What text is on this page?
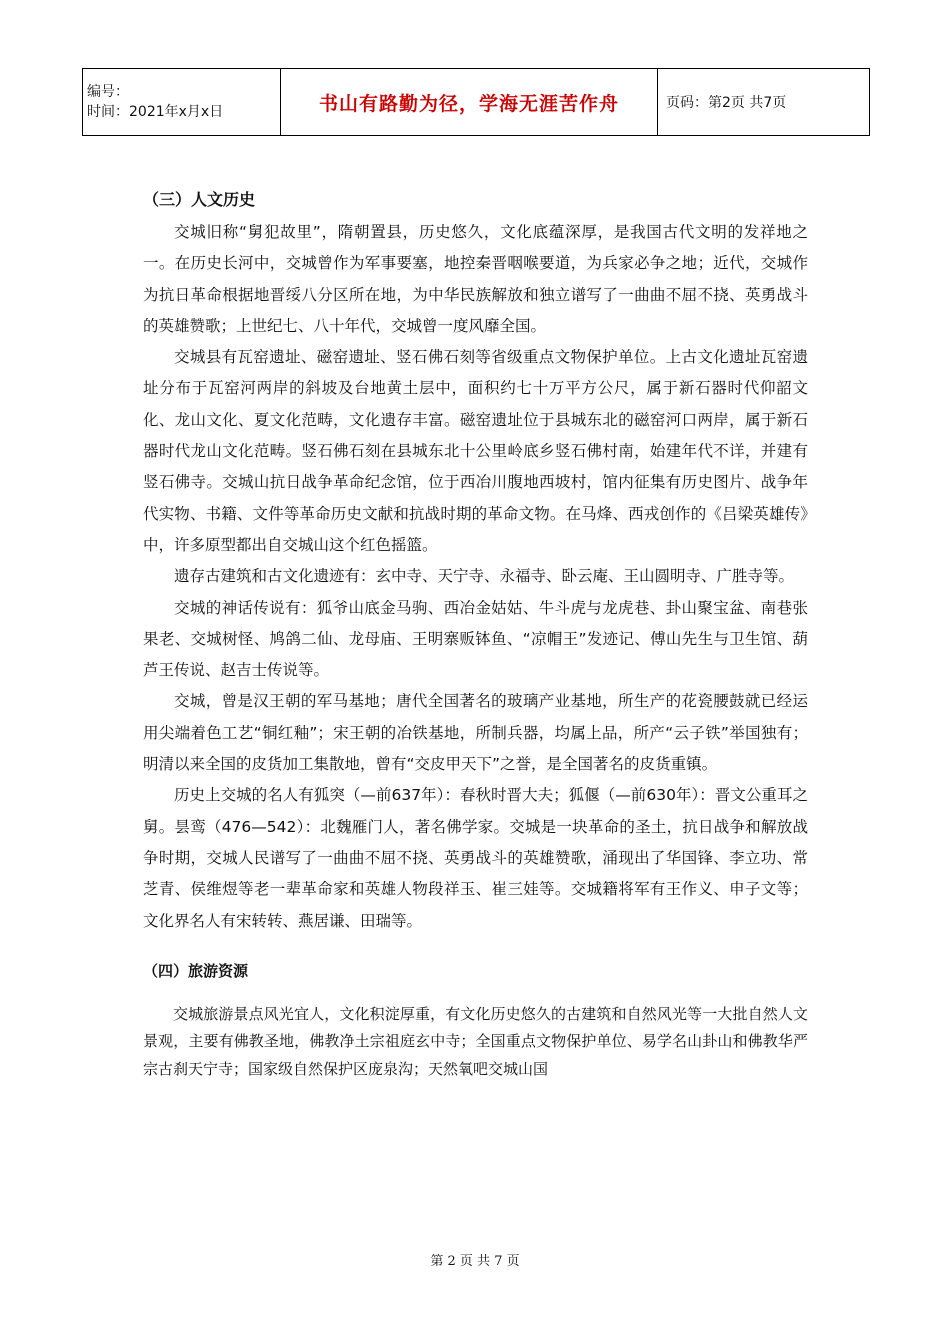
编号：
时间：2021年x月x日	书山有路勤为径，学海无涯苦作舟	页码：第2页 共7页
（三）人文历史

交城旧称“舅犯故里”，隋朝置县，历史悠久，文化底蕴深厚，是我国古代文明的发祥地之一。在历史长河中，交城曾作为军事要塞，地控秦晋咽喉要道，为兵家必争之地；近代，交城作为抗日革命根据地晋绥八分区所在地，为中华民族解放和独立谱写了一曲曲不屈不挠、英勇战斗的英雄赞歌；上世纪七、八十年代，交城曾一度风靡全国。

交城县有瓦窑遗址、磁窑遗址、竖石佛石刻等省级重点文物保护单位。上古文化遗址瓦窑遗址分布于瓦窑河两岸的斜坡及台地黄土层中，面积约七十万平方公尺，属于新石器时代仰韶文化、龙山文化、夏文化范畴，文化遗存丰富。磁窑遗址位于县城东北的磁窑河口两岸，属于新石器时代龙山文化范畴。竖石佛石刻在县城东北十公里岭底乡竖石佛村南，始建年代不详，并建有竖石佛寺。交城山抗日战争革命纪念馆，位于西冶川腹地西坡村，馆内征集有历史图片、战争年代实物、书籍、文件等革命历史文献和抗战时期的革命文物。在马烽、西戎创作的《吕梁英雄传》中，许多原型都出自交城山这个红色摇篮。

遗存古建筑和古文化遗迹有：玄中寺、天宁寺、永福寺、卧云庵、王山圆明寺、广胜寺等。

交城的神话传说有：狐爷山底金马驹、西冶金姑姑、牛斗虎与龙虎巷、卦山聚宝盆、南巷张果老、交城树怪、鸠鸽二仙、龙母庙、王明寨贩钵鱼、“凉帽王”发迹记、傅山先生与卫生馆、葫芦王传说、赵吉士传说等。

交城，曾是汉王朝的军马基地；唐代全国著名的玻璃产业基地，所生产的花瓷腰鼓就已经运用尖端着色工艺“铜红釉”；宋王朝的冶铁基地，所制兵器，均属上品，所产“云子铁”举国独有；明清以来全国的皮货加工集散地，曾有“交皮甲天下”之誉，是全国著名的皮货重镇。

历史上交城的名人有狐突（—前637年）：春秋时晋大夫；狐偃（—前630年）：晋文公重耳之舅。昙鸾（476—542）：北魏雁门人，著名佛学家。交城是一块革命的圣土，抗日战争和解放战争时期，交城人民谱写了一曲曲不屈不挠、英勇战斗的英雄赞歌，涌现出了华国锋、李立功、常芝青、侯维煜等老一辈革命家和英雄人物段祥玉、崔三娃等。交城籍将军有王作义、申子文等；文化界名人有宋转转、燕居谦、田瑞等。

（四）旅游资源

交城旅游景点风光宜人，文化积淀厚重，有文化历史悠久的古建筑和自然风光等一大批自然人文景观，主要有佛教圣地，佛教净土宗祖庭玄中寺；全国重点文物保护单位、易学名山卦山和佛教华严宗古刹天宁寺；国家级自然保护区庞泉沟；天然氧吧交城山国

第 2 页 共 7 页
